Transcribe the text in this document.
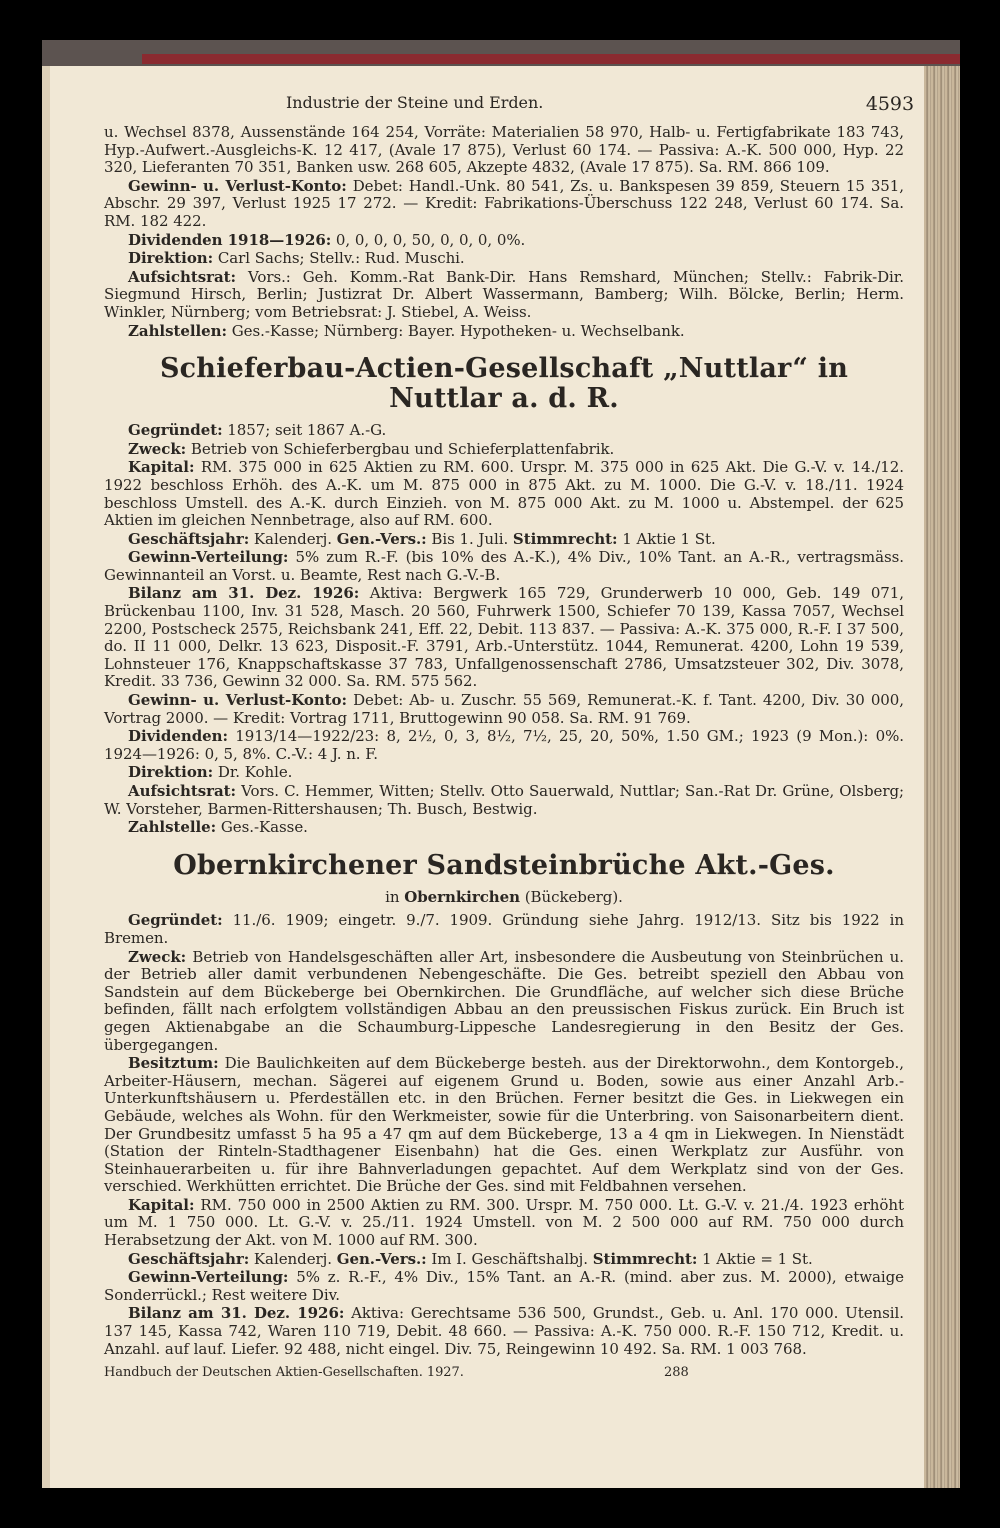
Industrie der Steine und Erden.	4593

u. Wechsel 8378, Aussenstände 164 254, Vorräte: Materialien 58 970, Halb- u. Fertigfabrikate 183 743, Hyp.-Aufwert.-Ausgleichs-K. 12 417, (Avale 17 875), Verlust 60 174. — Passiva: A.-K. 500 000, Hyp. 22 320, Lieferanten 70 351, Banken usw. 268 605, Akzepte 4832, (Avale 17 875). Sa. RM. 866 109.

Gewinn- u. Verlust-Konto: Debet: Handl.-Unk. 80 541, Zs. u. Bankspesen 39 859, Steuern 15 351, Abschr. 29 397, Verlust 1925 17 272. — Kredit: Fabrikations-Überschuss 122 248, Verlust 60 174. Sa. RM. 182 422.

Dividenden 1918—1926: 0, 0, 0, 0, 50, 0, 0, 0, 0%.

Direktion: Carl Sachs; Stellv.: Rud. Muschi.

Aufsichtsrat: Vors.: Geh. Komm.-Rat Bank-Dir. Hans Remshard, München; Stellv.: Fabrik-Dir. Siegmund Hirsch, Berlin; Justizrat Dr. Albert Wassermann, Bamberg; Wilh. Bölcke, Berlin; Herm. Winkler, Nürnberg; vom Betriebsrat: J. Stiebel, A. Weiss.

Zahlstellen: Ges.-Kasse; Nürnberg: Bayer. Hypotheken- u. Wechselbank.

Schieferbau-Actien-Gesellschaft „Nuttlar“ in Nuttlar a. d. R.

Gegründet: 1857; seit 1867 A.-G.

Zweck: Betrieb von Schieferbergbau und Schieferplattenfabrik.

Kapital: RM. 375 000 in 625 Aktien zu RM. 600. Urspr. M. 375 000 in 625 Akt. Die G.-V. v. 14./12. 1922 beschloss Erhöh. des A.-K. um M. 875 000 in 875 Akt. zu M. 1000. Die G.-V. v. 18./11. 1924 beschloss Umstell. des A.-K. durch Einzieh. von M. 875 000 Akt. zu M. 1000 u. Abstempel. der 625 Aktien im gleichen Nennbetrage, also auf RM. 600.

Geschäftsjahr: Kalenderj. Gen.-Vers.: Bis 1. Juli. Stimmrecht: 1 Aktie 1 St.

Gewinn-Verteilung: 5% zum R.-F. (bis 10% des A.-K.), 4% Div., 10% Tant. an A.-R., vertragsmäss. Gewinnanteil an Vorst. u. Beamte, Rest nach G.-V.-B.

Bilanz am 31. Dez. 1926: Aktiva: Bergwerk 165 729, Grunderwerb 10 000, Geb. 149 071, Brückenbau 1100, Inv. 31 528, Masch. 20 560, Fuhrwerk 1500, Schiefer 70 139, Kassa 7057, Wechsel 2200, Postscheck 2575, Reichsbank 241, Eff. 22, Debit. 113 837. — Passiva: A.-K. 375 000, R.-F. I 37 500, do. II 11 000, Delkr. 13 623, Disposit.-F. 3791, Arb.-Unterstütz. 1044, Remunerat. 4200, Lohn 19 539, Lohnsteuer 176, Knappschaftskasse 37 783, Unfallgenossenschaft 2786, Umsatzsteuer 302, Div. 3078, Kredit. 33 736, Gewinn 32 000. Sa. RM. 575 562.

Gewinn- u. Verlust-Konto: Debet: Ab- u. Zuschr. 55 569, Remunerat.-K. f. Tant. 4200, Div. 30 000, Vortrag 2000. — Kredit: Vortrag 1711, Bruttogewinn 90 058. Sa. RM. 91 769.

Dividenden: 1913/14—1922/23: 8, 2½, 0, 3, 8½, 7½, 25, 20, 50%, 1.50 GM.; 1923 (9 Mon.): 0%. 1924—1926: 0, 5, 8%. C.-V.: 4 J. n. F.

Direktion: Dr. Kohle.

Aufsichtsrat: Vors. C. Hemmer, Witten; Stellv. Otto Sauerwald, Nuttlar; San.-Rat Dr. Grüne, Olsberg; W. Vorsteher, Barmen-Rittershausen; Th. Busch, Bestwig.

Zahlstelle: Ges.-Kasse.

Obernkirchener Sandsteinbrüche Akt.-Ges.

in Obernkirchen (Bückeberg).

Gegründet: 11./6. 1909; eingetr. 9./7. 1909. Gründung siehe Jahrg. 1912/13. Sitz bis 1922 in Bremen.

Zweck: Betrieb von Handelsgeschäften aller Art, insbesondere die Ausbeutung von Steinbrüchen u. der Betrieb aller damit verbundenen Nebengeschäfte. Die Ges. betreibt speziell den Abbau von Sandstein auf dem Bückeberge bei Obernkirchen. Die Grundfläche, auf welcher sich diese Brüche befinden, fällt nach erfolgtem vollständigen Abbau an den preussischen Fiskus zurück. Ein Bruch ist gegen Aktienabgabe an die Schaumburg-Lippesche Landesregierung in den Besitz der Ges. übergegangen.

Besitztum: Die Baulichkeiten auf dem Bückeberge besteh. aus der Direktorwohn., dem Kontorgeb., Arbeiter-Häusern, mechan. Sägerei auf eigenem Grund u. Boden, sowie aus einer Anzahl Arb.-Unterkunftshäusern u. Pferdeställen etc. in den Brüchen. Ferner besitzt die Ges. in Liekwegen ein Gebäude, welches als Wohn. für den Werkmeister, sowie für die Unterbring. von Saisonarbeitern dient. Der Grundbesitz umfasst 5 ha 95 a 47 qm auf dem Bückeberge, 13 a 4 qm in Liekwegen. In Nienstädt (Station der Rinteln-Stadthagener Eisenbahn) hat die Ges. einen Werkplatz zur Ausführ. von Steinhauerarbeiten u. für ihre Bahnverladungen gepachtet. Auf dem Werkplatz sind von der Ges. verschied. Werkhütten errichtet. Die Brüche der Ges. sind mit Feldbahnen versehen.

Kapital: RM. 750 000 in 2500 Aktien zu RM. 300. Urspr. M. 750 000. Lt. G.-V. v. 21./4. 1923 erhöht um M. 1 750 000. Lt. G.-V. v. 25./11. 1924 Umstell. von M. 2 500 000 auf RM. 750 000 durch Herabsetzung der Akt. von M. 1000 auf RM. 300.

Geschäftsjahr: Kalenderj. Gen.-Vers.: Im I. Geschäftshalbj. Stimmrecht: 1 Aktie = 1 St.

Gewinn-Verteilung: 5% z. R.-F., 4% Div., 15% Tant. an A.-R. (mind. aber zus. M. 2000), etwaige Sonderrückl.; Rest weitere Div.

Bilanz am 31. Dez. 1926: Aktiva: Gerechtsame 536 500, Grundst., Geb. u. Anl. 170 000. Utensil. 137 145, Kassa 742, Waren 110 719, Debit. 48 660. — Passiva: A.-K. 750 000. R.-F. 150 712, Kredit. u. Anzahl. auf lauf. Liefer. 92 488, nicht eingel. Div. 75, Reingewinn 10 492. Sa. RM. 1 003 768.

Handbuch der Deutschen Aktien-Gesellschaften. 1927.	288
